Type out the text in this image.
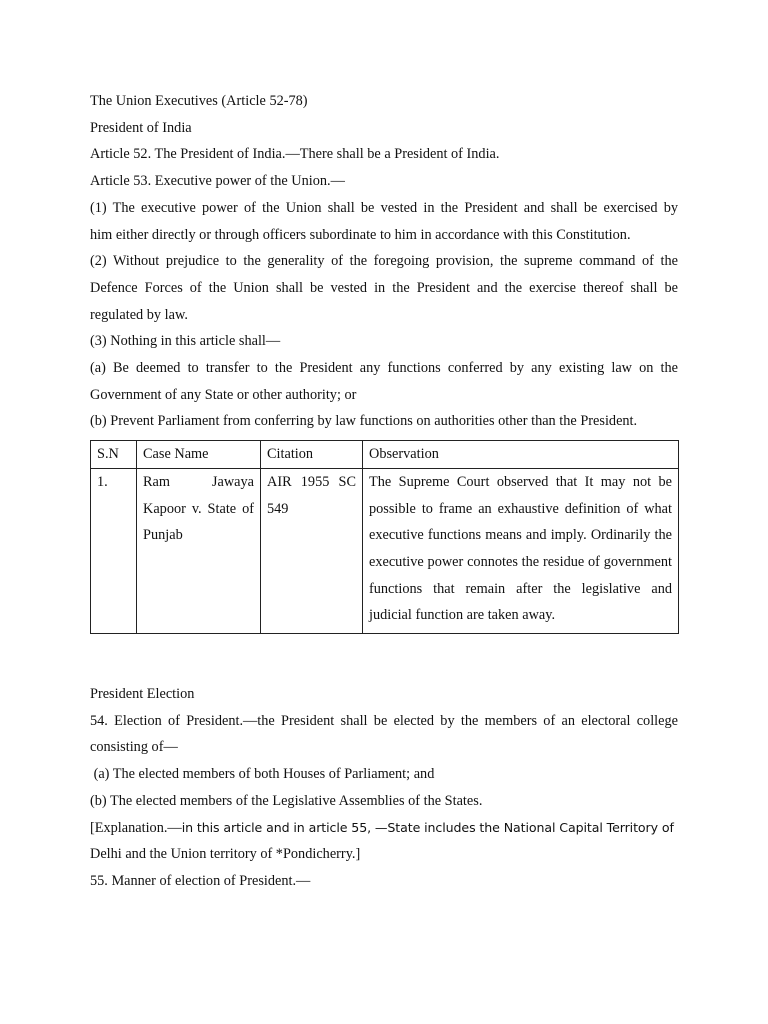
The Union Executives (Article 52-78)

President of India

Article 52. The President of India.—There shall be a President of India.

Article 53. Executive power of the Union.—

(1) The executive power of the Union shall be vested in the President and shall be exercised by

him either directly or through officers subordinate to him in accordance with this Constitution.

(2) Without prejudice to the generality of the foregoing provision, the supreme command of the

Defence Forces of the Union shall be vested in the President and the exercise thereof shall be

regulated by law.

(3) Nothing in this article shall—

(a) Be deemed to transfer to the President any functions conferred by any existing law on the

Government of any State or other authority; or

(b) Prevent Parliament from conferring by law functions on authorities other than the President.

S.N	Case Name	Citation	Observation
1.	Ram Jawaya Kapoor v. State of Punjab	AIR 1955 SC 549	The Supreme Court observed that It may not be possible to frame an exhaustive definition of what executive functions means and imply. Ordinarily the executive power connotes the residue of government functions that remain after the legislative and judicial function are taken away.

President Election

54. Election of President.—the President shall be elected by the members of an electoral college

consisting of—

(a) The elected members of both Houses of Parliament; and

(b) The elected members of the Legislative Assemblies of the States.

[Explanation.—in this article and in article 55, —State includes the National Capital Territory of

Delhi and the Union territory of *Pondicherry.]

55. Manner of election of President.—
